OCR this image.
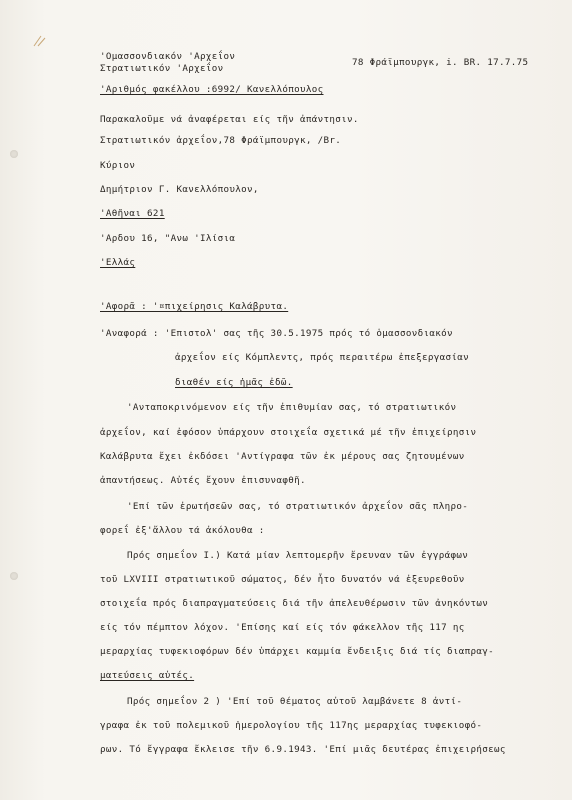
'Ομασσονδιακόν 'Αρχεΐον
Στρατιωτικόν 'Αρχεΐον
78 Φράϊμπουργκ, i. BR. 17.7.75
'Αριθμός φακέλλου :6992/ Κανελλόπουλος
Παρακαλοῦμε νά ἀναφέρεται είς τῆν ἀπάντησιν.
Στρατιωτικόν ἀρχεΐον,78 Φράϊμπουργκ, /Βr.
Κύριον
Δημήτριον Γ. Κανελλόπουλον,
'Αθῆναι 621
'Αρδου 16, "Ανω 'Ιλίσια
'Ελλάς
'Αφορᾶ : '¤πιχείρησις Καλάβρυτα.
'Αναφορά : 'Επιστολ' σας τῆς 30.5.1975 πρός τό ὁμασσονδιακόν
ἀρχεΐον είς Κόμπλεντς, πρός περαιτέρω ἐπεξεργασίαν
διαθέν είς ἡμᾶς ἐδῶ.
'Ανταποκρινόμενον είς τῆν ἐπιθυμίαν σας, τό στρατιωτικόν
ἀρχεΐον, καί ἐφόσον ὑπάρχουν στοιχεΐα σχετικά μέ τῆν ἐπιχείρησιν
Καλάβρυτα ἔχει ἐκδόσει 'Αντίγραφα τῶν ἐκ μέρους σας ζητουμένων
ἀπαντήσεως. Αὐτές ἔχουν ἐπισυναφθῆ.
'Επί τῶν ἐρωτήσεῶν σας, τό στρατιωτικόν ἀρχεΐον σᾶς πληρο-
φορεΐ ἐξ'ἄλλου τά ἀκόλουθα :
Πρός σημεΐον Ι.) Κατά μίαν λεπτομερῆν ἔρευναν τῶν ἐγγράφων
τοῦ LXVIII στρατιωτικοῦ σώματος, δέν ἦτο δυνατόν νά ἐξευρεθοῦν
στοιχεΐα πρός διαπραγματεύσεις διά τῆν ἀπελευθέρωσιν τῶν ἀνηκόντων
είς τόν πέμπτον λόχον. 'Επίσης καί είς τόν φάκελλον τῆς 117 ης
μεραρχίας τυφεκιοφόρων δέν ὑπάρχει καμμία ἔνδειξις διά τίς διαπραγ-
ματεύσεις αὐτές.
Πρός σημεΐον 2 ) 'Επί τοῦ θέματος αὐτοῦ λαμβάνετε 8 ἀντί-
γραφα ἐκ τοῦ πολεμικοῦ ἡμερολογίου τῆς 117ης μεραρχίας τυφεκιοφό-
ρων. Τό ἔγγραφα ἔκλεισε τῆν 6.9.1943. 'Επί μιᾶς δευτέρας ἐπιχειρήσεως
